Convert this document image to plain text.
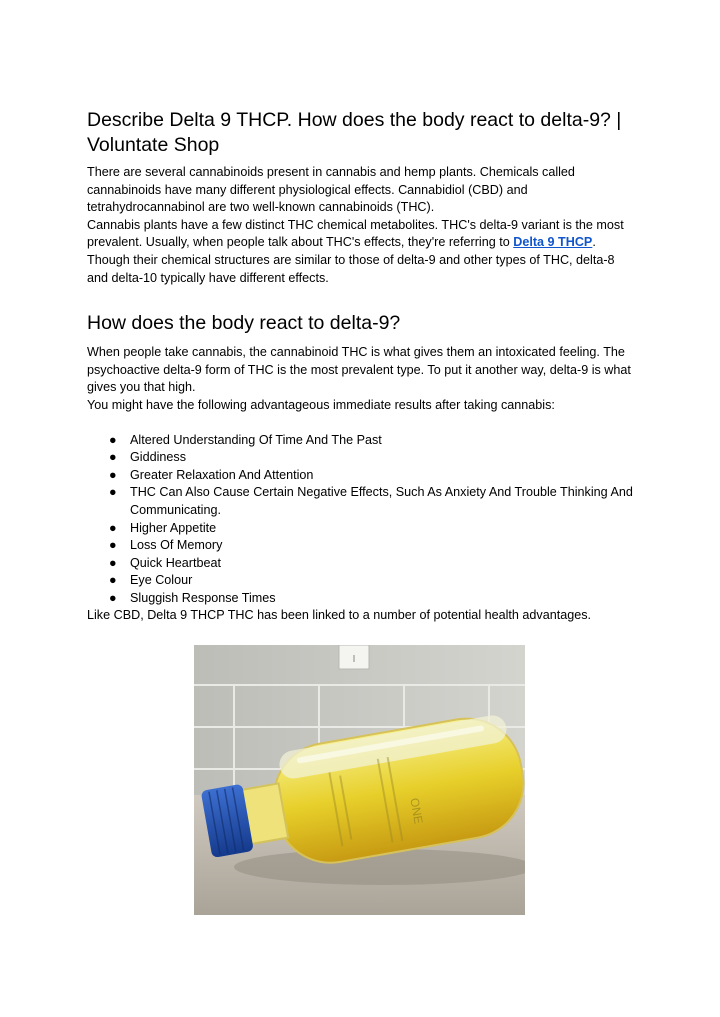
Describe Delta 9 THCP. How does the body react to delta-9? | Voluntate Shop

There are several cannabinoids present in cannabis and hemp plants. Chemicals called cannabinoids have many different physiological effects. Cannabidiol (CBD) and tetrahydrocannabinol are two well-known cannabinoids (THC).

Cannabis plants have a few distinct THC chemical metabolites. THC's delta-9 variant is the most prevalent. Usually, when people talk about THC's effects, they're referring to Delta 9 THCP. Though their chemical structures are similar to those of delta-9 and other types of THC, delta-8 and delta-10 typically have different effects.

How does the body react to delta-9?

When people take cannabis, the cannabinoid THC is what gives them an intoxicated feeling. The psychoactive delta-9 form of THC is the most prevalent type. To put it another way, delta-9 is what gives you that high.

You might have the following advantageous immediate results after taking cannabis:

● Altered Understanding Of Time And The Past
● Giddiness
● Greater Relaxation And Attention
● THC Can Also Cause Certain Negative Effects, Such As Anxiety And Trouble Thinking And Communicating.
● Higher Appetite
● Loss Of Memory
● Quick Heartbeat
● Eye Colour
● Sluggish Response Times

Like CBD, Delta 9 THCP THC has been linked to a number of potential health advantages.

ONE
